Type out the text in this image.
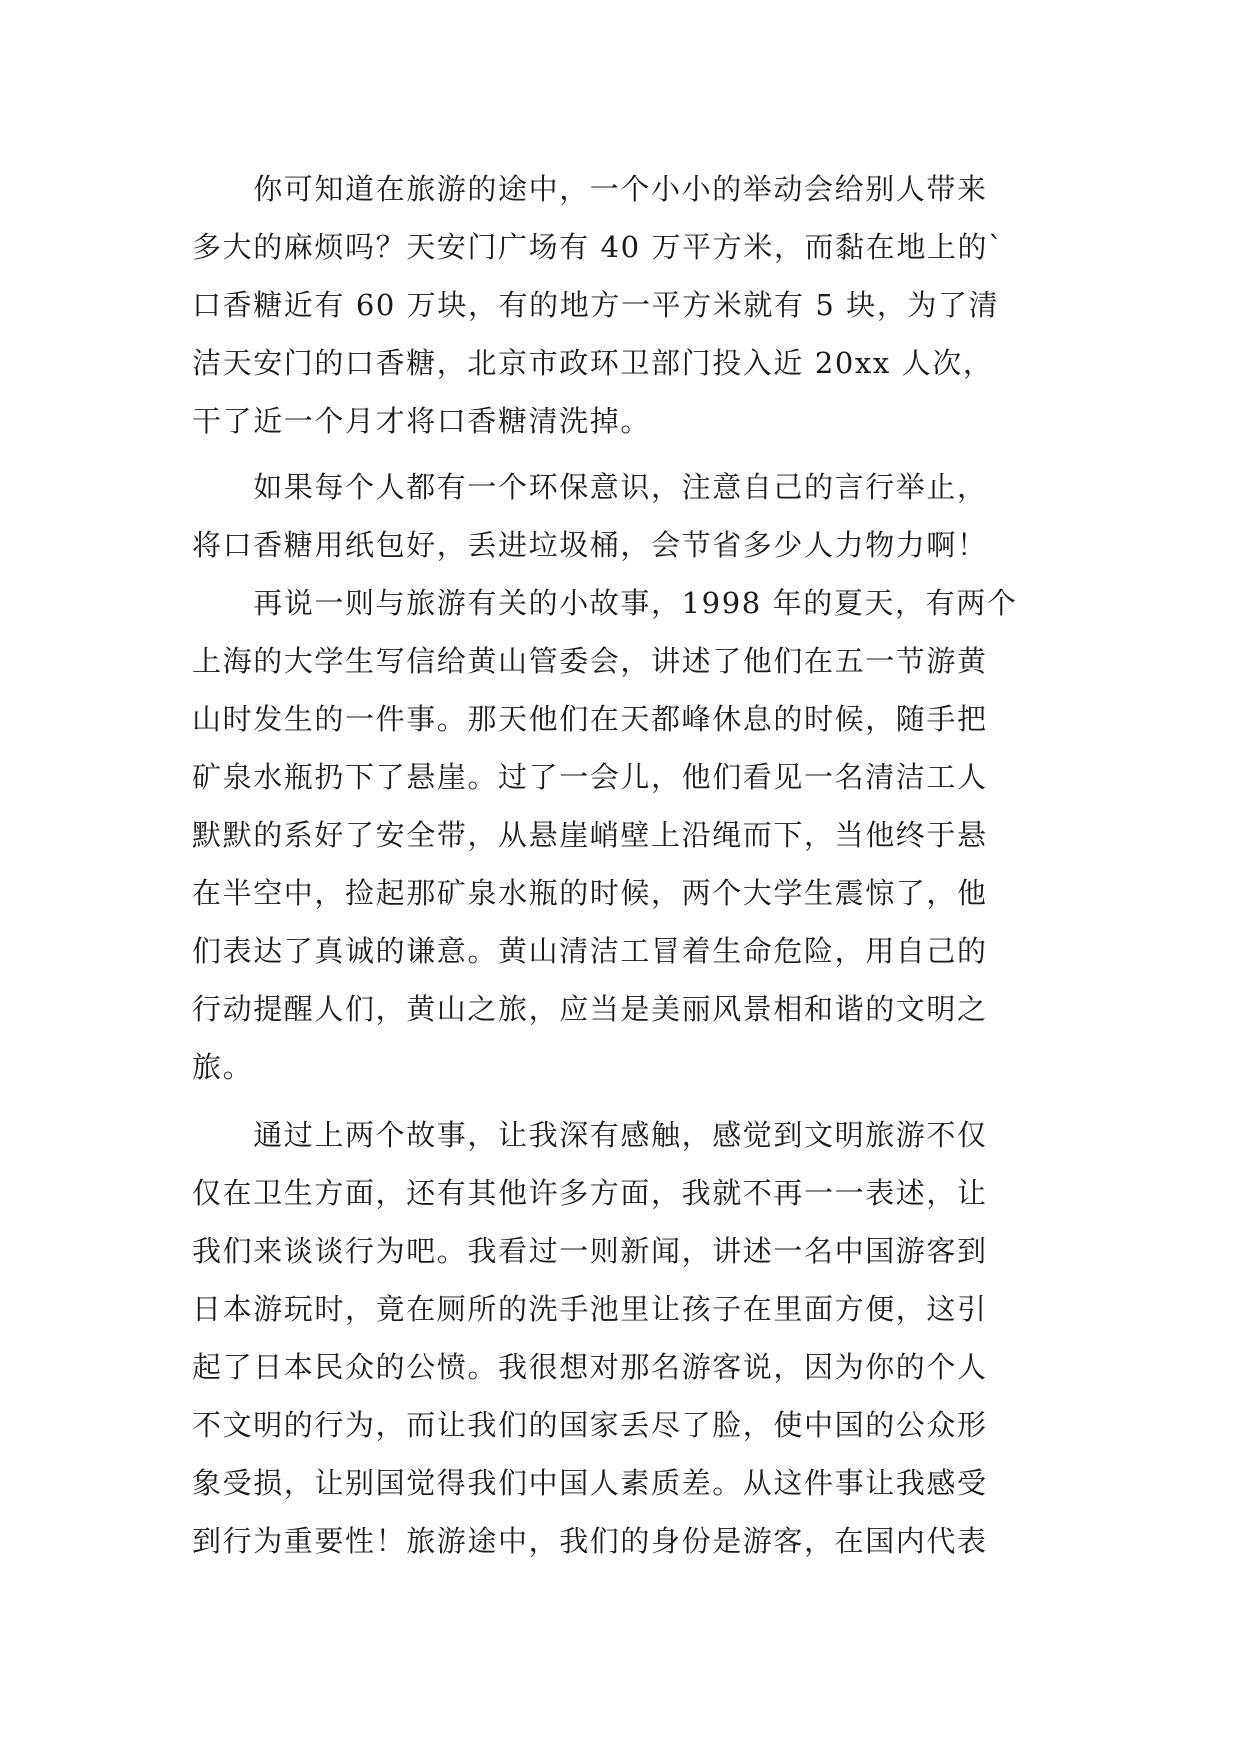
　　你可知道在旅游的途中，一个小小的举动会给别人带来
多大的麻烦吗？天安门广场有 40 万平方米，而黏在地上的`
口香糖近有 60 万块，有的地方一平方米就有 5 块，为了清
洁天安门的口香糖，北京市政环卫部门投入近 20xx 人次，
干了近一个月才将口香糖清洗掉。
　　如果每个人都有一个环保意识，注意自己的言行举止，
将口香糖用纸包好，丢进垃圾桶，会节省多少人力物力啊！
　　再说一则与旅游有关的小故事，1998 年的夏天，有两个
上海的大学生写信给黄山管委会，讲述了他们在五一节游黄
山时发生的一件事。那天他们在天都峰休息的时候，随手把
矿泉水瓶扔下了悬崖。过了一会儿，他们看见一名清洁工人
默默的系好了安全带，从悬崖峭壁上沿绳而下，当他终于悬
在半空中，捡起那矿泉水瓶的时候，两个大学生震惊了，他
们表达了真诚的谦意。黄山清洁工冒着生命危险，用自己的
行动提醒人们，黄山之旅，应当是美丽风景相和谐的文明之
旅。
　　通过上两个故事，让我深有感触，感觉到文明旅游不仅
仅在卫生方面，还有其他许多方面，我就不再一一表述，让
我们来谈谈行为吧。我看过一则新闻，讲述一名中国游客到
日本游玩时，竟在厕所的洗手池里让孩子在里面方便，这引
起了日本民众的公愤。我很想对那名游客说，因为你的个人
不文明的行为，而让我们的国家丢尽了脸，使中国的公众形
象受损，让别国觉得我们中国人素质差。从这件事让我感受
到行为重要性！旅游途中，我们的身份是游客，在国内代表
